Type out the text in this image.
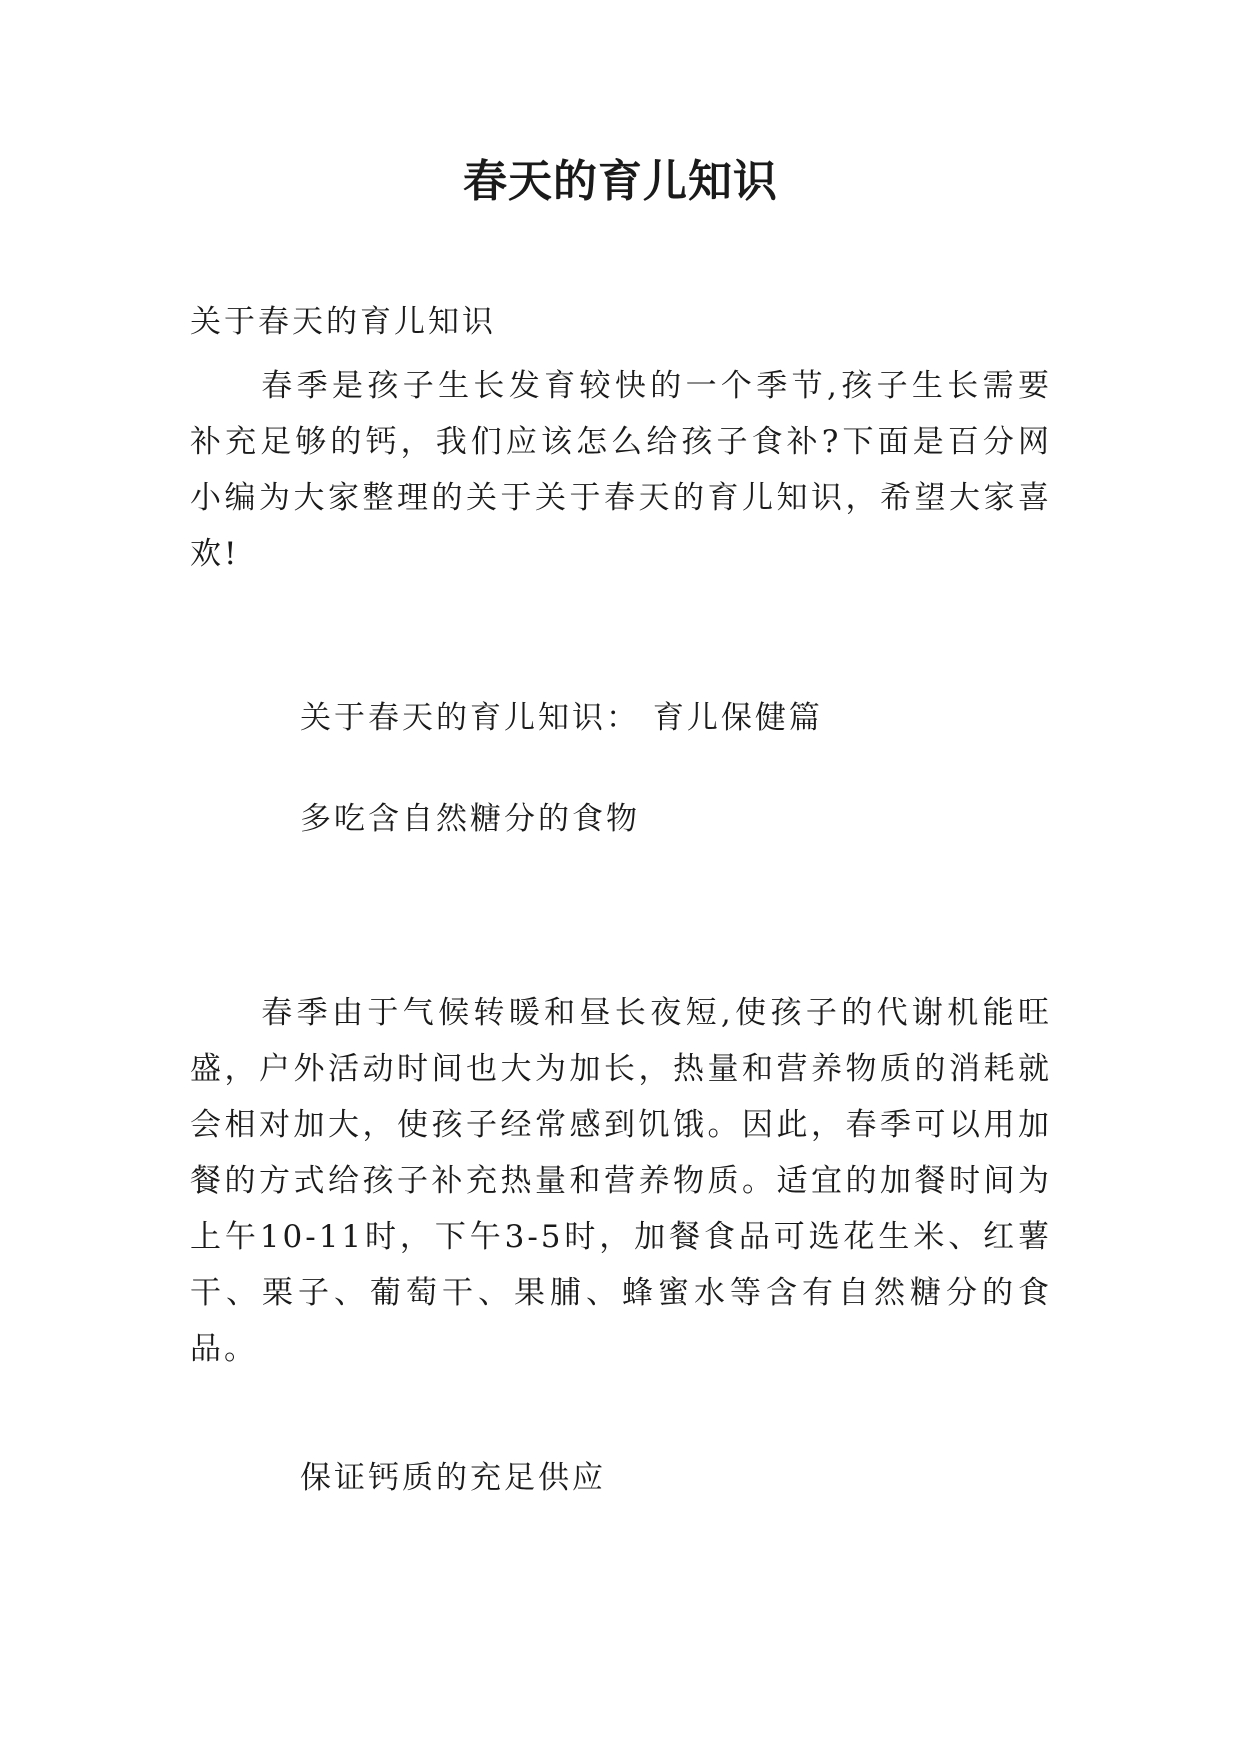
春天的育儿知识
关于春天的育儿知识
春季是孩子生长发育较快的一个季节,孩子生长需要补充足够的钙，我们应该怎么给孩子食补?下面是百分网小编为大家整理的关于关于春天的育儿知识，希望大家喜欢!
关于春天的育儿知识： 育儿保健篇
多吃含自然糖分的食物
春季由于气候转暖和昼长夜短,使孩子的代谢机能旺盛，户外活动时间也大为加长，热量和营养物质的消耗就会相对加大，使孩子经常感到饥饿。因此，春季可以用加餐的方式给孩子补充热量和营养物质。适宜的加餐时间为上午10-11时，下午3-5时，加餐食品可选花生米、红薯干、栗子、葡萄干、果脯、蜂蜜水等含有自然糖分的食品。
保证钙质的充足供应
